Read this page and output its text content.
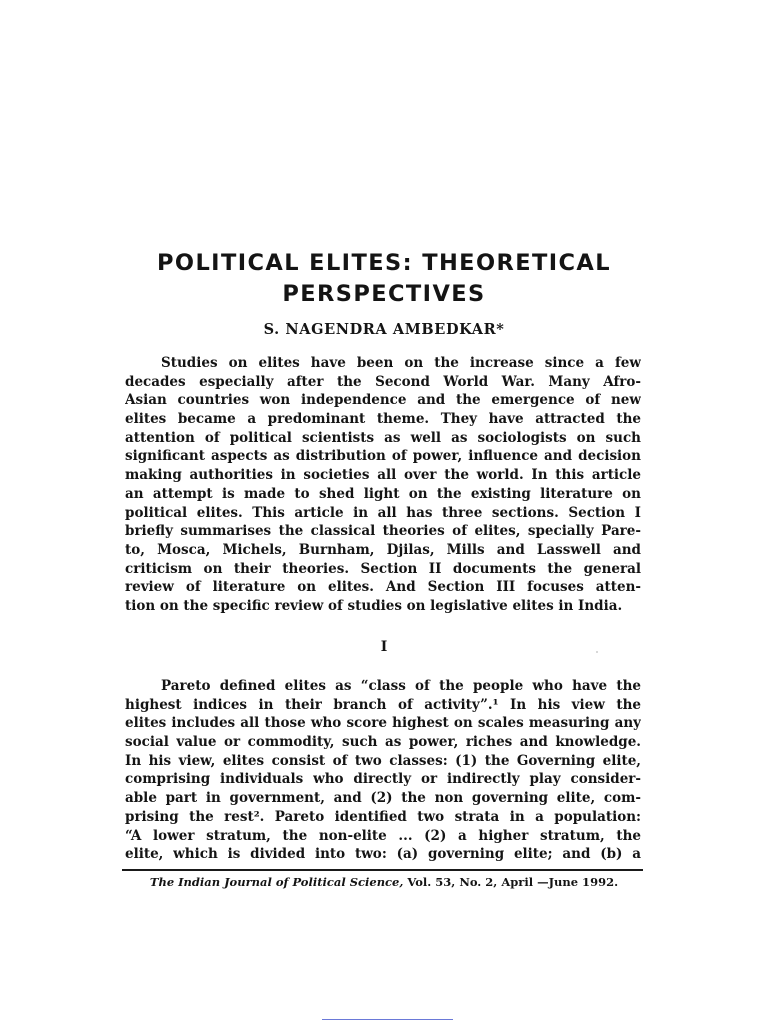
POLITICAL ELITES: THEORETICAL
PERSPECTIVES
S. NAGENDRA AMBEDKAR*
Studies on elites have been on the increase since a few
decades especially after the Second World War. Many Afro-
Asian countries won independence and the emergence of new
elites became a predominant theme. They have attracted the
attention of political scientists as well as sociologists on such
significant aspects as distribution of power, influence and decision
making authorities in societies all over the world. In this article
an attempt is made to shed light on the existing literature on
political elites. This article in all has three sections. Section I
briefly summarises the classical theories of elites, specially Pare-
to, Mosca, Michels, Burnham, Djilas, Mills and Lasswell and
criticism on their theories. Section II documents the general
review of literature on elites. And Section III focuses atten-
tion on the specific review of studies on legislative elites in India.
I
Pareto defined elites as “class of the people who have the
highest indices in their branch of activity”.¹ In his view the
elites includes all those who score highest on scales measuring any
social value or commodity, such as power, riches and knowledge.
In his view, elites consist of two classes: (1) the Governing elite,
comprising individuals who directly or indirectly play consider-
able part in government, and (2) the non governing elite, com-
prising the rest². Pareto identified two strata in a population:
“A lower stratum, the non-elite ... (2) a higher stratum, the
elite, which is divided into two: (a) governing elite; and (b) a
The Indian Journal of Political Science, Vol. 53, No. 2, April —June 1992.
